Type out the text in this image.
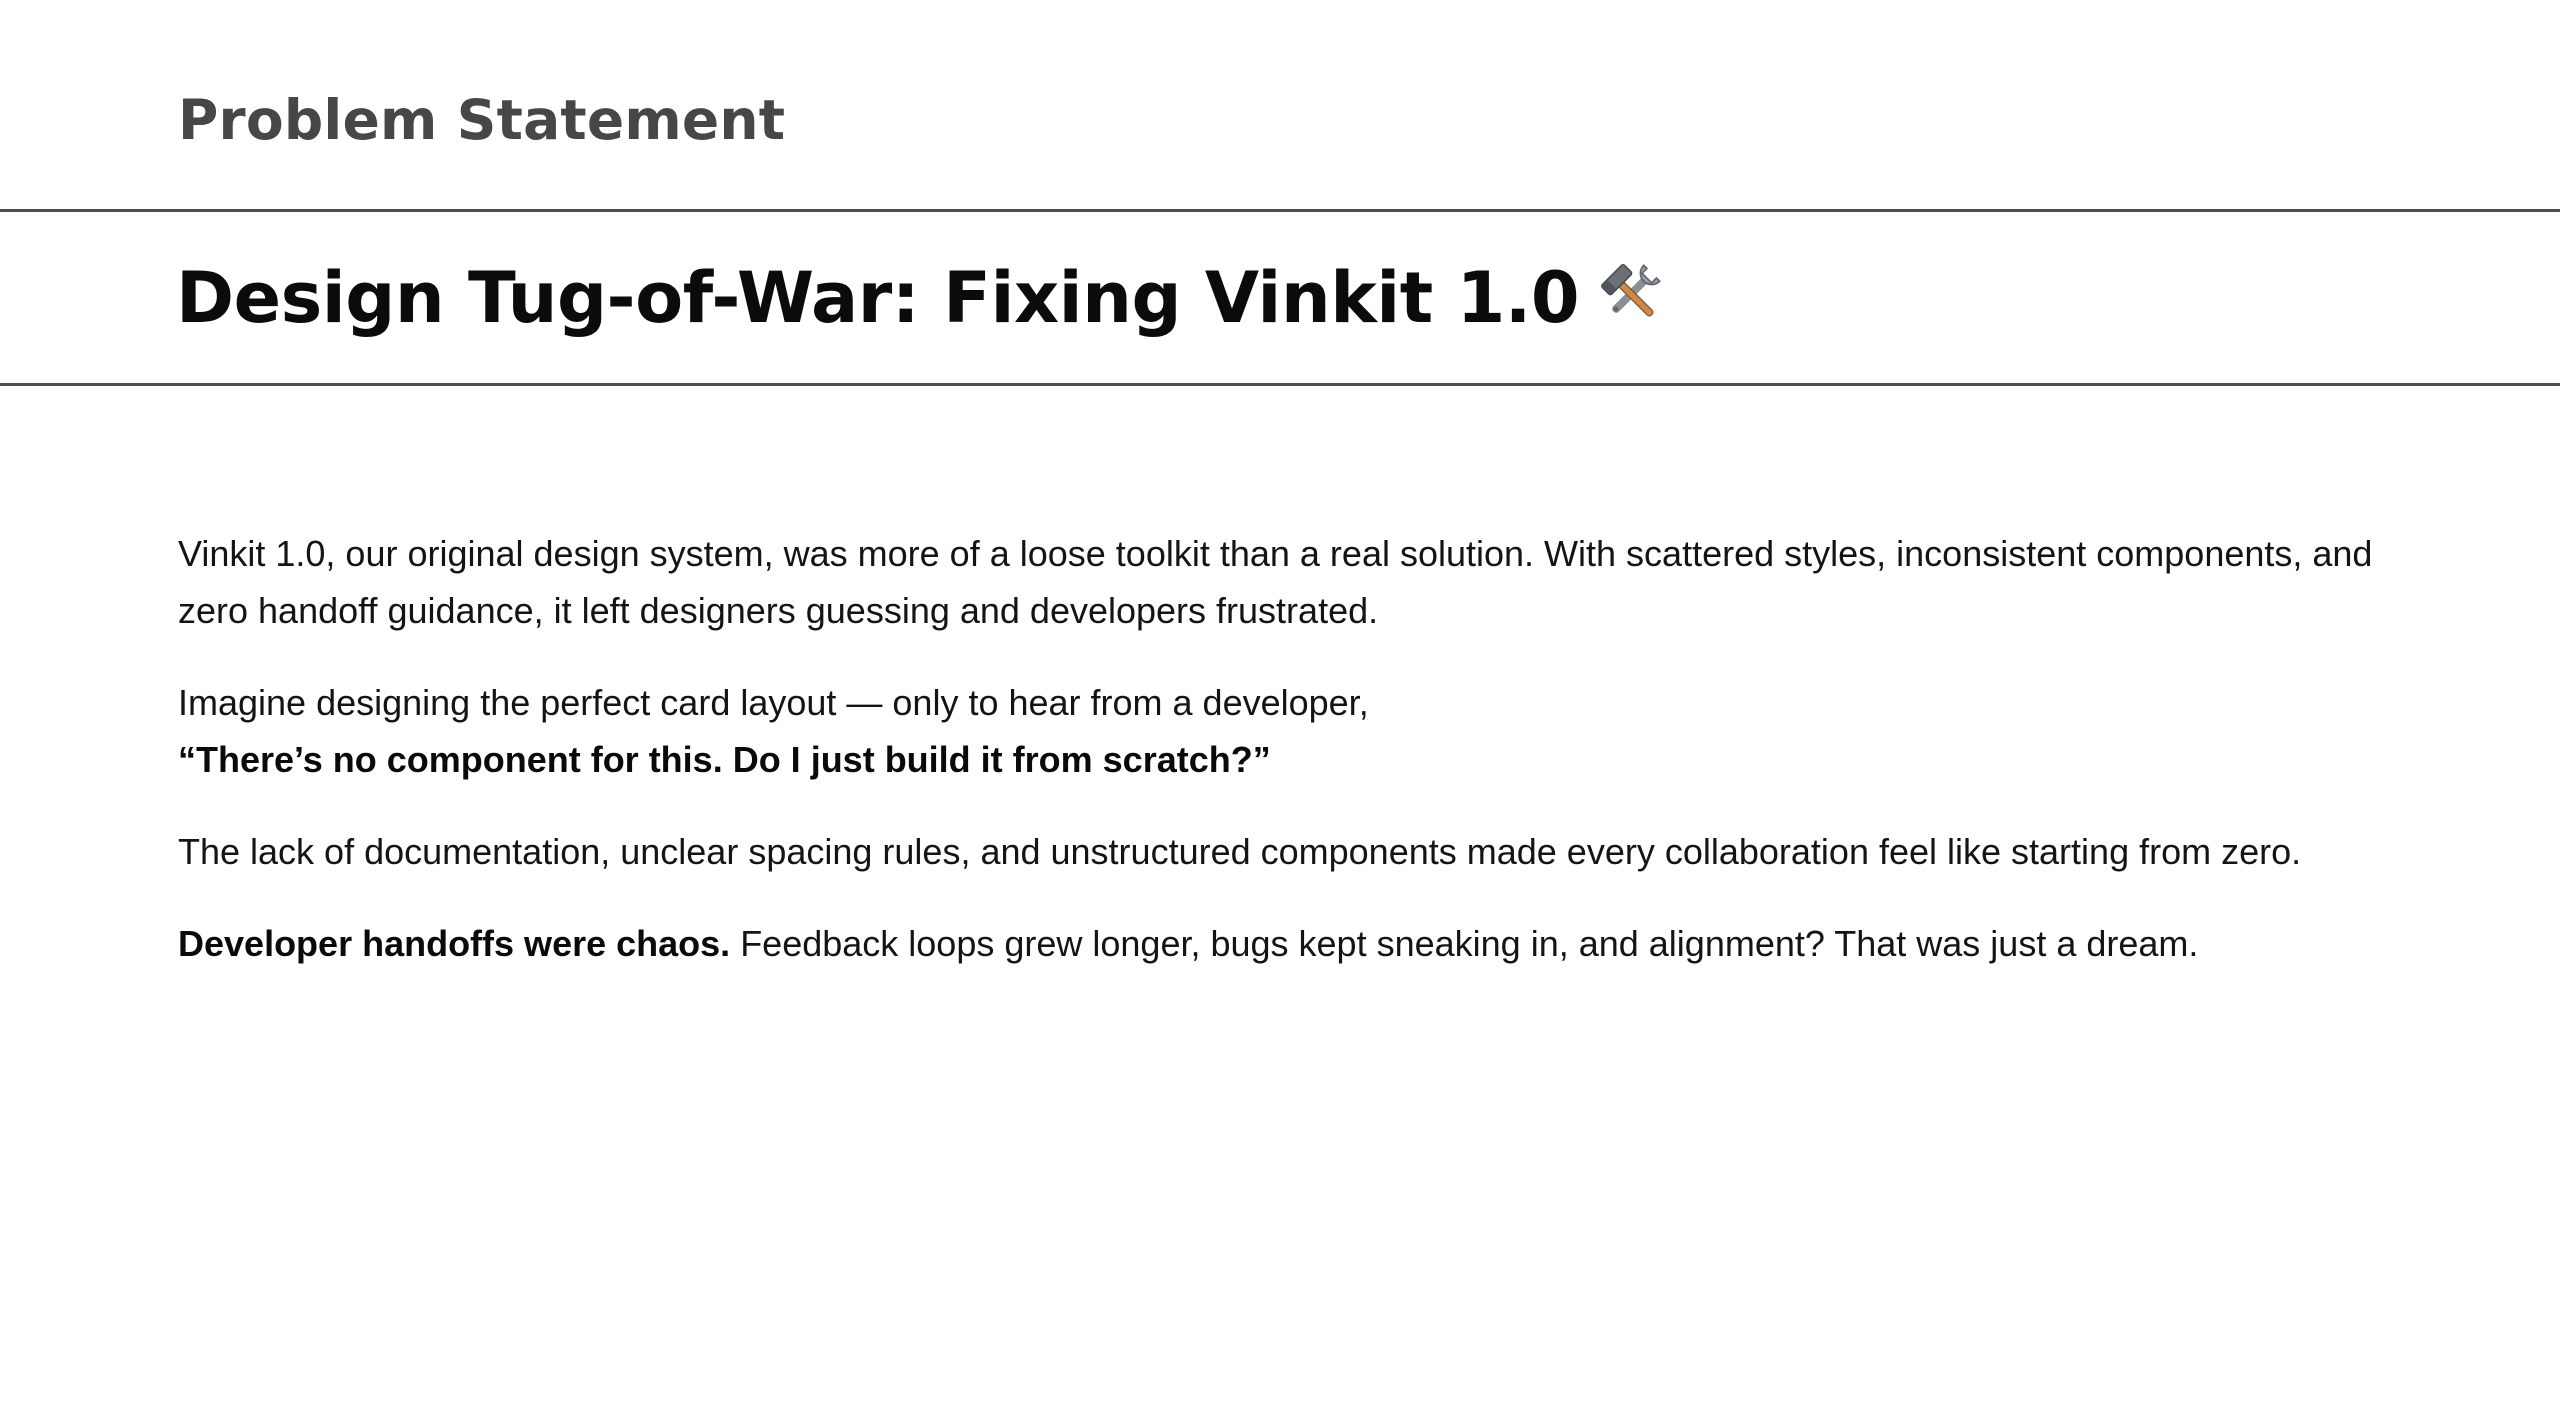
Problem Statement
Design Tug-of-War: Fixing Vinkit 1.0

Vinkit 1.0, our original design system, was more of a loose toolkit than a real solution. With scattered styles, inconsistent components, and zero handoff guidance, it left designers guessing and developers frustrated.

Imagine designing the perfect card layout — only to hear from a developer,
“There’s no component for this. Do I just build it from scratch?”

The lack of documentation, unclear spacing rules, and unstructured components made every collaboration feel like starting from zero.

Developer handoffs were chaos. Feedback loops grew longer, bugs kept sneaking in, and alignment? That was just a dream.
